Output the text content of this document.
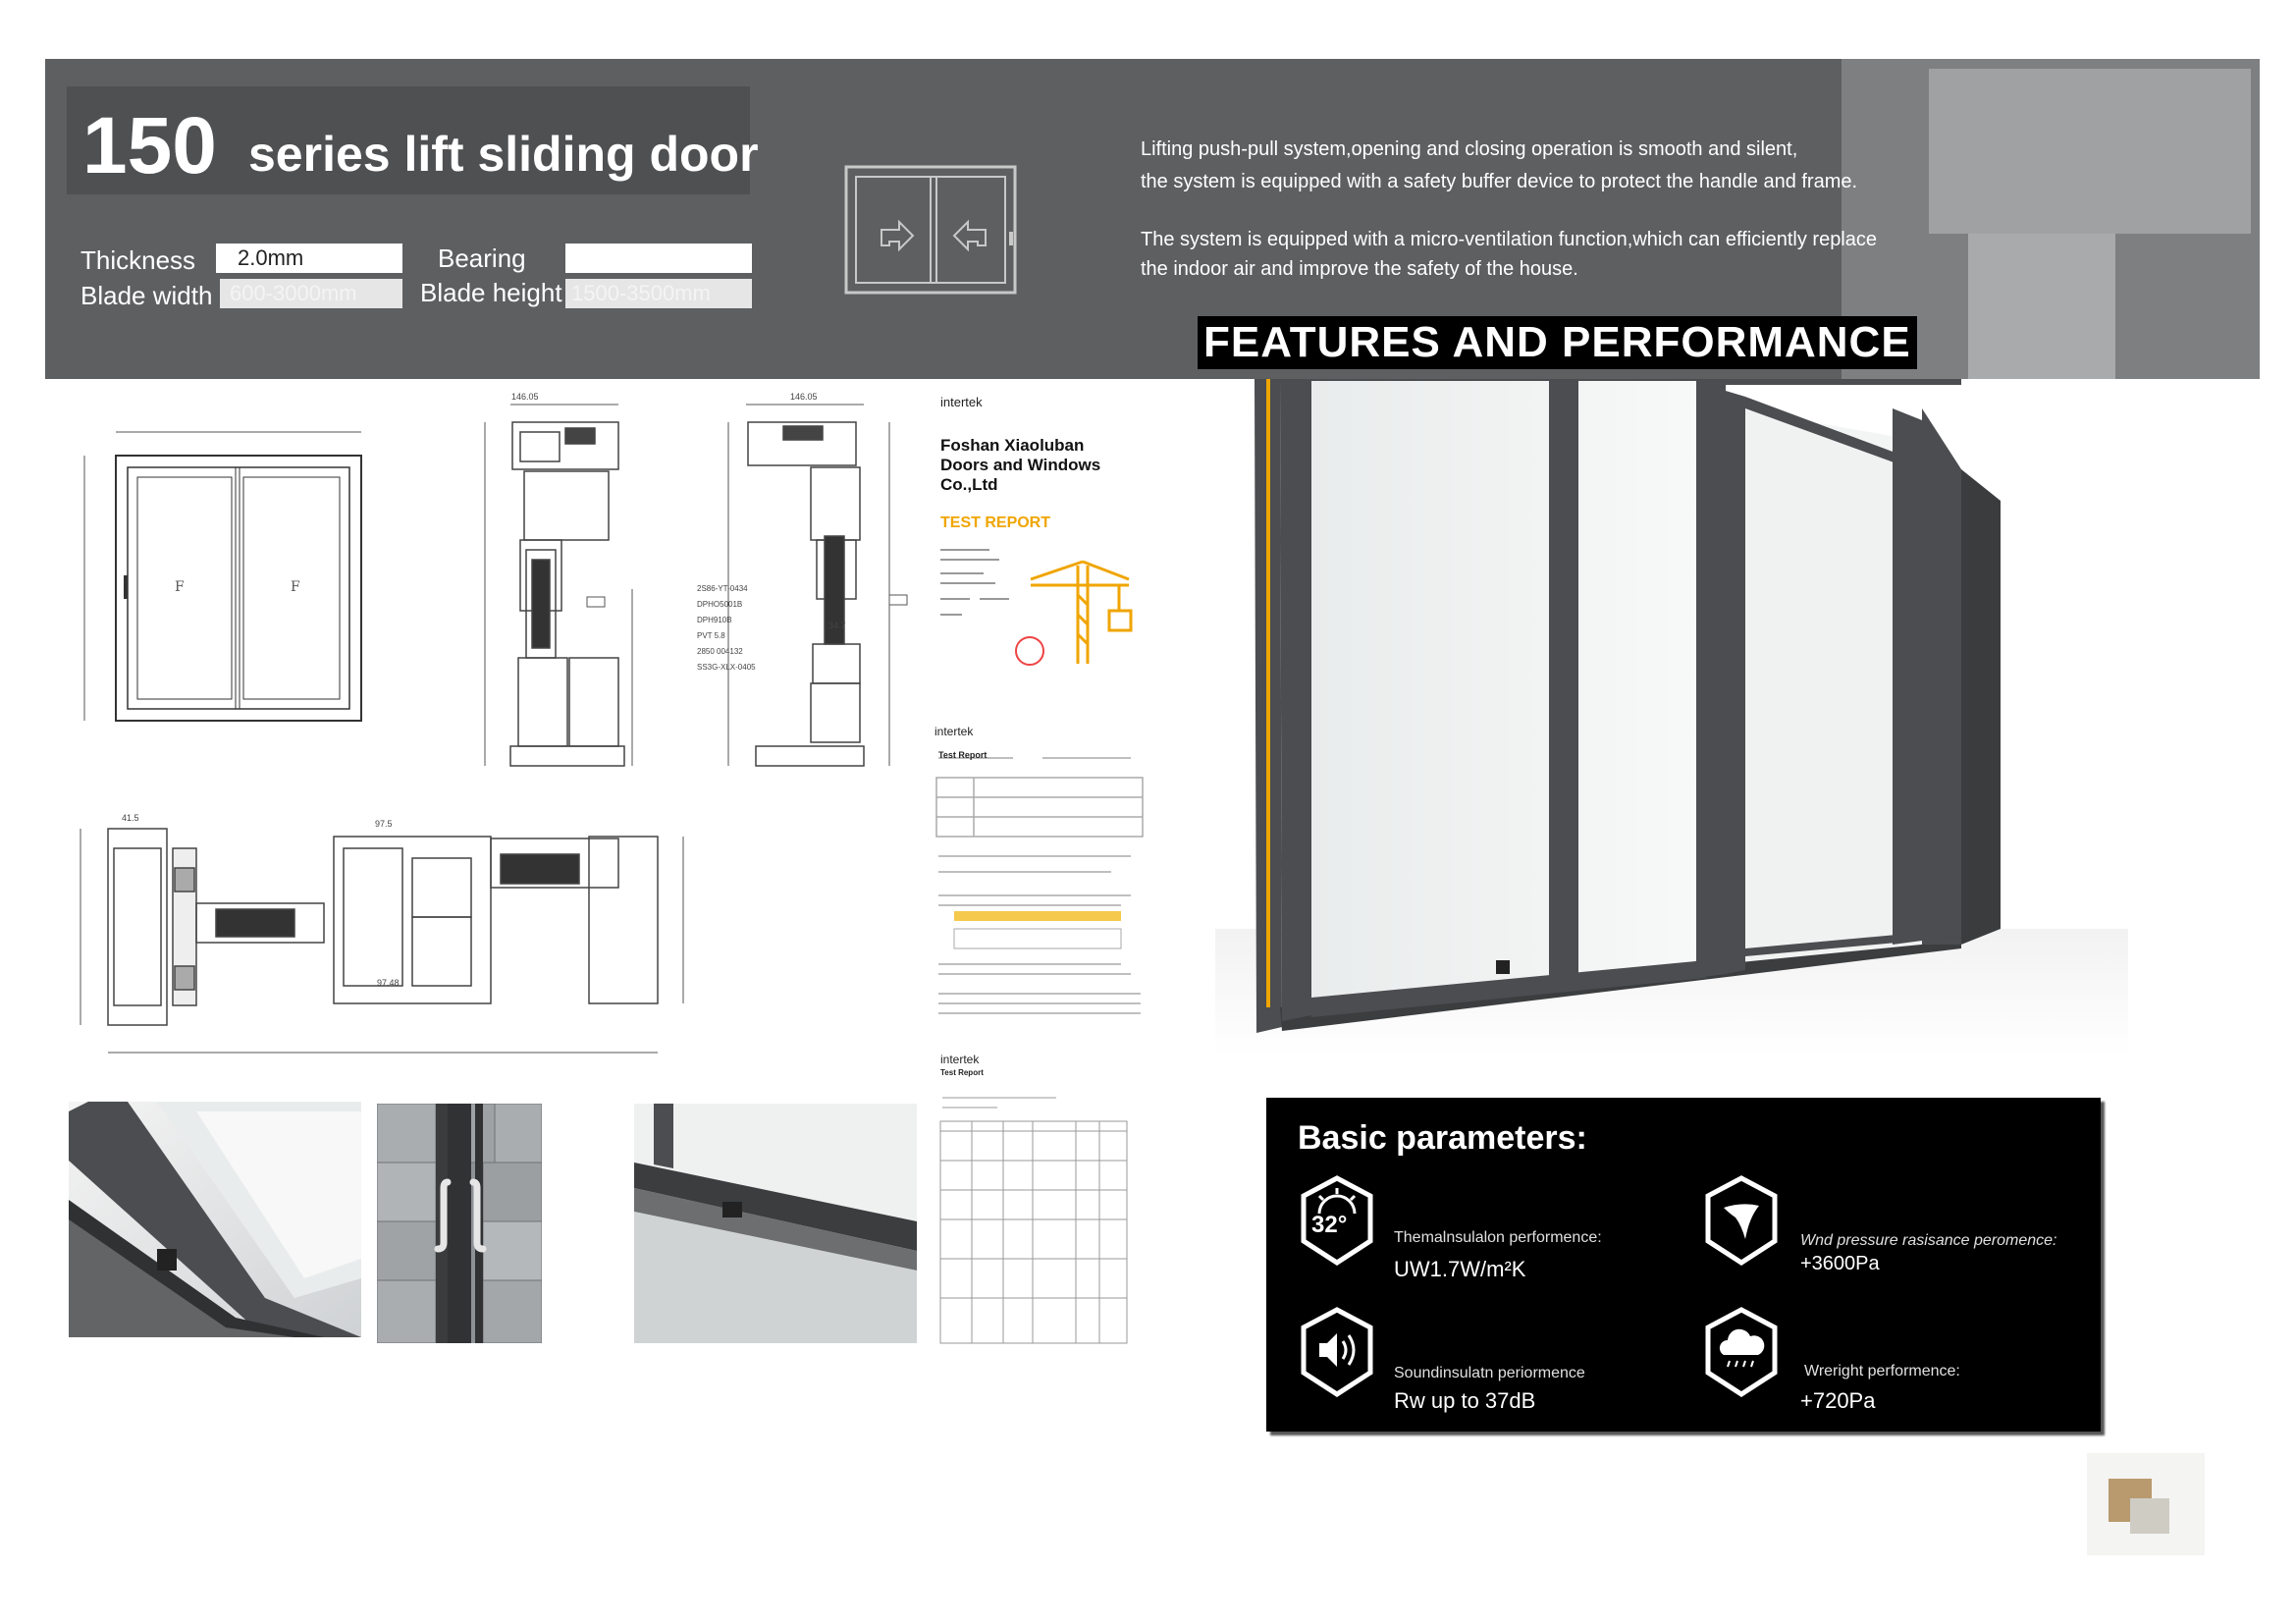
150 series lift sliding door
Thickness	2.0mm	Bearing
Blade width 600-3000mm	Blade height 1500-3500mm
Lifting push-pull system,opening and closing operation is smooth and silent,
the system is equipped with a safety buffer device to protect the handle and frame.
The system is equipped with a micro-ventilation function,which can efficiently replace
the indoor air and improve the safety of the house.
FEATURES AND PERFORMANCE
F	F
146.05
2S86-YT-0434
DPHO5001B
DPH910B
PVT 5.8
2850 004132
SS3G-XLX-0405
146.05
34.7
41.5
97.5
97.48
intertek
Foshan Xiaoluban Doors and Windows Co.,Ltd
TEST REPORT
intertek
Test Report
intertek
Test Report
Basic parameters:
32°	Themalnsulalon performence:
UW1.7W/m²K
Wnd pressure rasisance peromence:
+3600Pa
Soundinsulatn periormence
Rw up to 37dB
Wreright performence:
+720Pa
